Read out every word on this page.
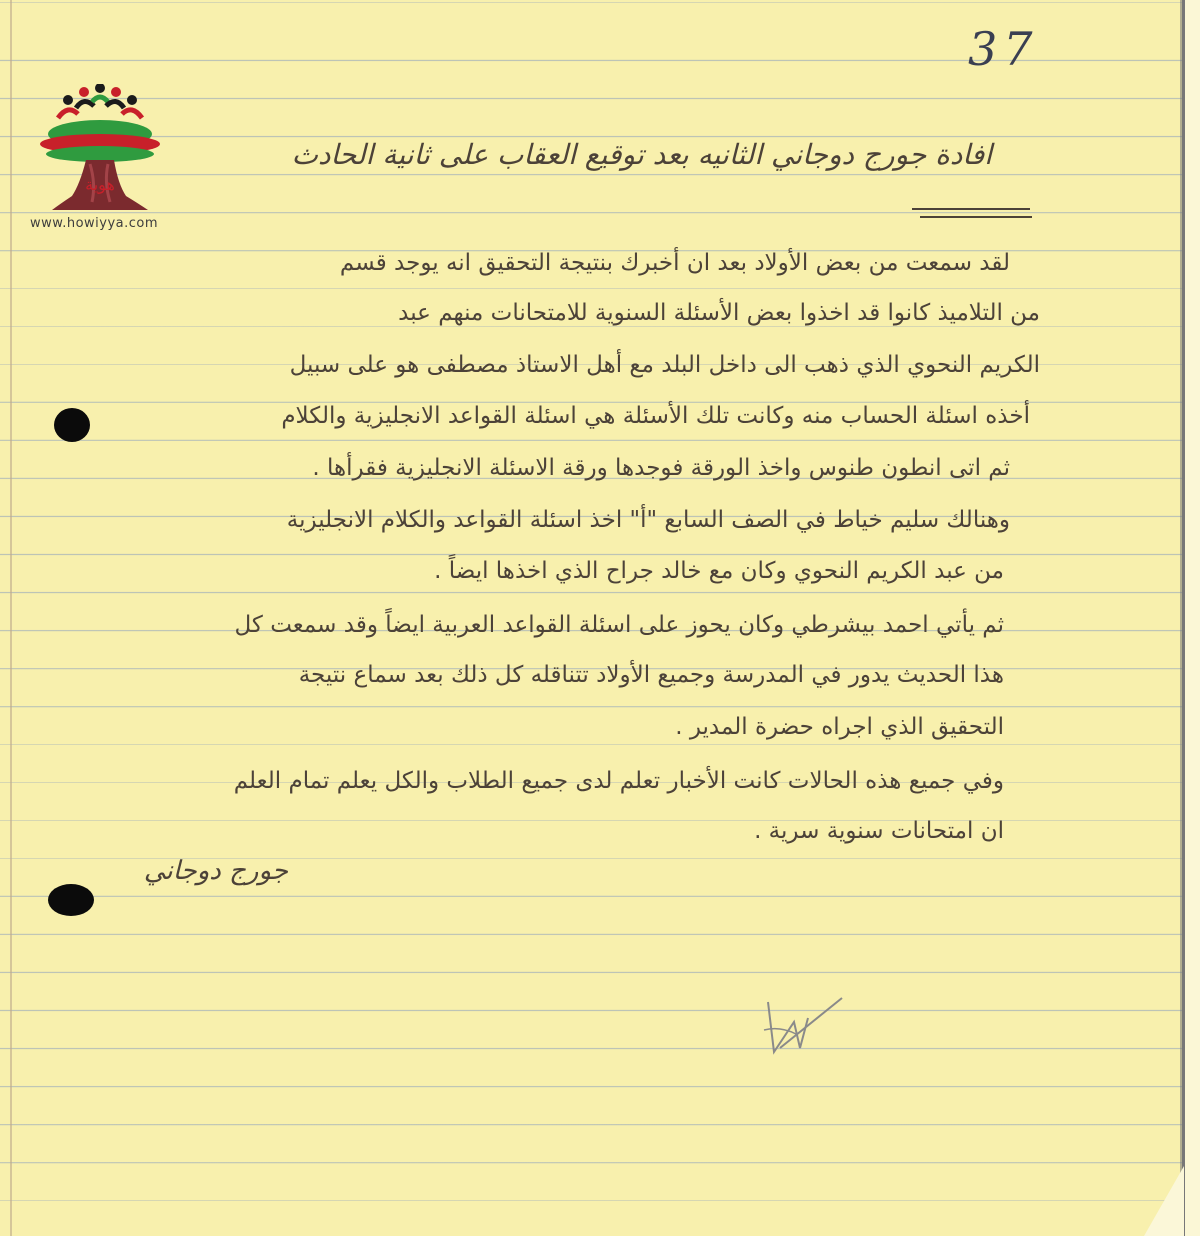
37
هوية
www.howiyya.com
افادة جورج دوجاني الثانيه بعد توقيع العقاب على ثانية الحادث
لقد سمعت من بعض الأولاد بعد ان أخبرك بنتيجة التحقيق انه يوجد قسم
من التلاميذ كانوا قد اخذوا بعض الأسئلة السنوية للامتحانات منهم عبد
الكريم النحوي الذي ذهب الى داخل البلد مع أهل الاستاذ مصطفى هو على سبيل
أخذه اسئلة الحساب منه وكانت تلك الأسئلة هي اسئلة القواعد الانجليزية والكلام
ثم اتى انطون طنوس واخذ الورقة فوجدها ورقة الاسئلة الانجليزية فقرأها .
وهنالك سليم خياط في الصف السابع "أ" اخذ اسئلة القواعد والكلام الانجليزية
من عبد الكريم النحوي وكان مع خالد جراح الذي اخذها ايضاً .
ثم يأتي احمد بيشرطي وكان يحوز على اسئلة القواعد العربية ايضاً وقد سمعت كل
هذا الحديث يدور في المدرسة وجميع الأولاد تتناقله كل ذلك بعد سماع نتيجة
التحقيق الذي اجراه حضرة المدير .
وفي جميع هذه الحالات كانت الأخبار تعلم لدى جميع الطلاب والكل يعلم تمام العلم
ان امتحانات سنوية سرية .
جورج دوجاني
